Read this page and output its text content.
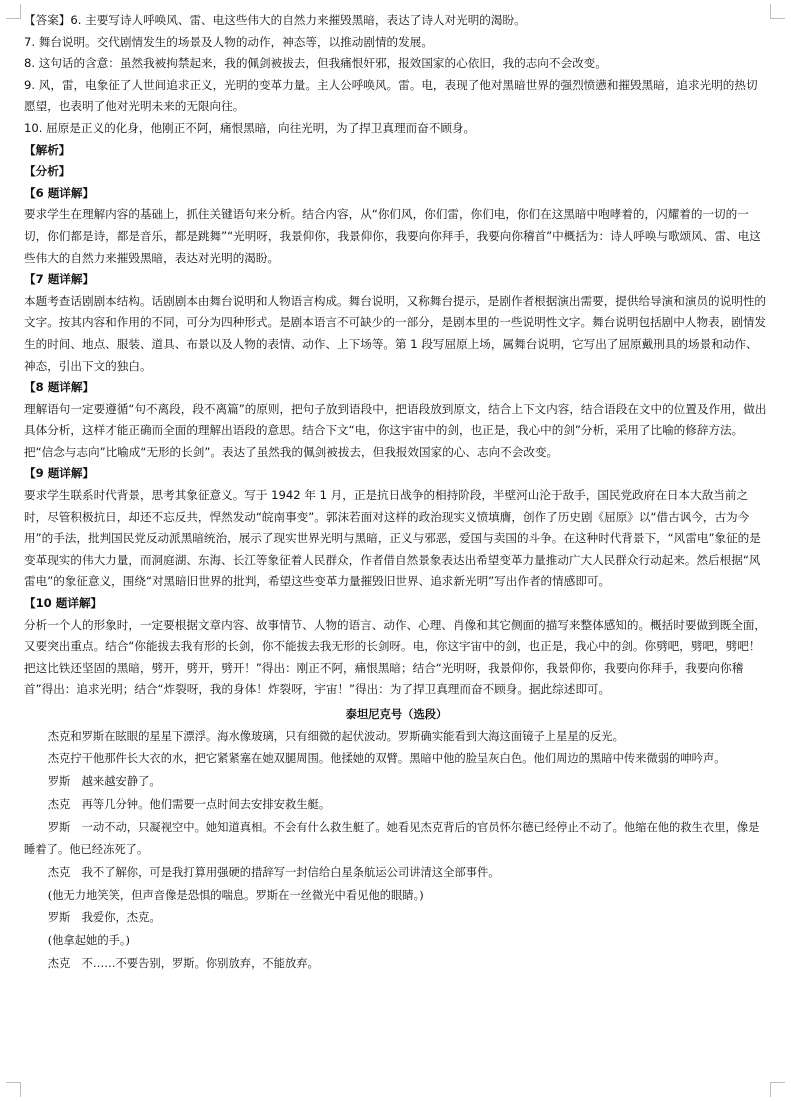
【答案】6. 主要写诗人呼唤风、雷、电这些伟大的自然力来摧毁黑暗，表达了诗人对光明的渴盼。

7. 舞台说明。交代剧情发生的场景及人物的动作，神态等，以推动剧情的发展。

8. 这句话的含意：虽然我被拘禁起来，我的佩剑被拔去，但我痛恨奸邪，报效国家的心依旧，我的志向不会改变。

9. 风，雷，电象征了人世间追求正义，光明的变革力量。主人公呼唤风。雷。电，表现了他对黑暗世界的强烈愤懑和摧毁黑暗，追求光明的热切愿望，也表明了他对光明未来的无限向往。

10. 屈原是正义的化身，他刚正不阿，痛恨黑暗，向往光明，为了捍卫真理而奋不顾身。

【解析】

【分析】

【6 题详解】

要求学生在理解内容的基础上，抓住关键语句来分析。结合内容，从“你们风，你们雷，你们电，你们在这黑暗中咆哮着的，闪耀着的一切的一切，你们都是诗，都是音乐，都是跳舞”“光明呀，我景仰你，我景仰你，我要向你拜手，我要向你稽首”中概括为：诗人呼唤与歌颂风、雷、电这些伟大的自然力来摧毁黑暗，表达对光明的渴盼。

【7 题详解】

本题考查话剧剧本结构。话剧剧本由舞台说明和人物语言构成。舞台说明，又称舞台提示，是剧作者根据演出需要，提供给导演和演员的说明性的文字。按其内容和作用的不同，可分为四种形式。是剧本语言不可缺少的一部分，是剧本里的一些说明性文字。舞台说明包括剧中人物表，剧情发生的时间、地点、服装、道具、布景以及人物的表情、动作、上下场等。第 1 段写屈原上场，属舞台说明，它写出了屈原戴刑具的场景和动作、神态，引出下文的独白。

【8 题详解】

理解语句一定要遵循“句不离段，段不离篇”的原则，把句子放到语段中，把语段放到原文，结合上下文内容，结合语段在文中的位置及作用，做出具体分析，这样才能正确而全面的理解出语段的意思。结合下文“电，你这宇宙中的剑，也正是，我心中的剑”分析，采用了比喻的修辞方法。把“信念与志向”比喻成“无形的长剑”。表达了虽然我的佩剑被拔去，但我报效国家的心、志向不会改变。

【9 题详解】

要求学生联系时代背景，思考其象征意义。写于 1942 年 1 月，正是抗日战争的相持阶段，半壁河山沦于敌手，国民党政府在日本大敌当前之时，尽管积极抗日，却还不忘反共，悍然发动“皖南事变”。郭沫若面对这样的政治现实义愤填膺，创作了历史剧《屈原》以“借古讽今，古为今用”的手法，批判国民党反动派黑暗统治，展示了现实世界光明与黑暗，正义与邪恶，爱国与卖国的斗争。在这种时代背景下，“风雷电”象征的是变革现实的伟大力量，而洞庭湖、东海、长江等象征着人民群众，作者借自然景象表达出希望变革力量推动广大人民群众行动起来。然后根据“风雷电”的象征意义，围绕“对黑暗旧世界的批判，希望这些变革力量摧毁旧世界、追求新光明”写出作者的情感即可。

【10 题详解】

分析一个人的形象时，一定要根据文章内容、故事情节、人物的语言、动作、心理、肖像和其它侧面的描写来整体感知的。概括时要做到既全面，又要突出重点。结合“你能拔去我有形的长剑，你不能拔去我无形的长剑呀。电，你这宇宙中的剑，也正是，我心中的剑。你劈吧，劈吧，劈吧！把这比铁还坚固的黑暗，劈开，劈开，劈开！”得出：刚正不阿，痛恨黑暗；结合“光明呀，我景仰你，我景仰你，我要向你拜手，我要向你稽首”得出：追求光明；结合“炸裂呀，我的身体！炸裂呀，宇宙！”得出：为了捍卫真理而奋不顾身。据此综述即可。

泰坦尼克号（选段）

杰克和罗斯在眩眼的星星下漂浮。海水像玻璃，只有细微的起伏波动。罗斯确实能看到大海这面镜子上星星的反光。

杰克拧干他那件长大衣的水，把它紧紧塞在她双腿周围。他揉她的双臂。黑暗中他的脸呈灰白色。他们周边的黑暗中传来微弱的呻吟声。

罗斯　越来越安静了。

杰克　再等几分钟。他们需要一点时间去安排安救生艇。

罗斯　一动不动，只凝视空中。她知道真相。不会有什么救生艇了。她看见杰克背后的官员怀尔德已经停止不动了。他缩在他的救生衣里，像是睡着了。他已经冻死了。

杰克　我不了解你，可是我打算用强硬的措辞写一封信给白星条航运公司讲清这全部事件。

(他无力地笑笑，但声音像是恐惧的喘息。罗斯在一丝微光中看见他的眼睛。)

罗斯　我爱你，杰克。

(他拿起她的手。)

杰克　不……不要告别，罗斯。你别放弃，不能放弃。
